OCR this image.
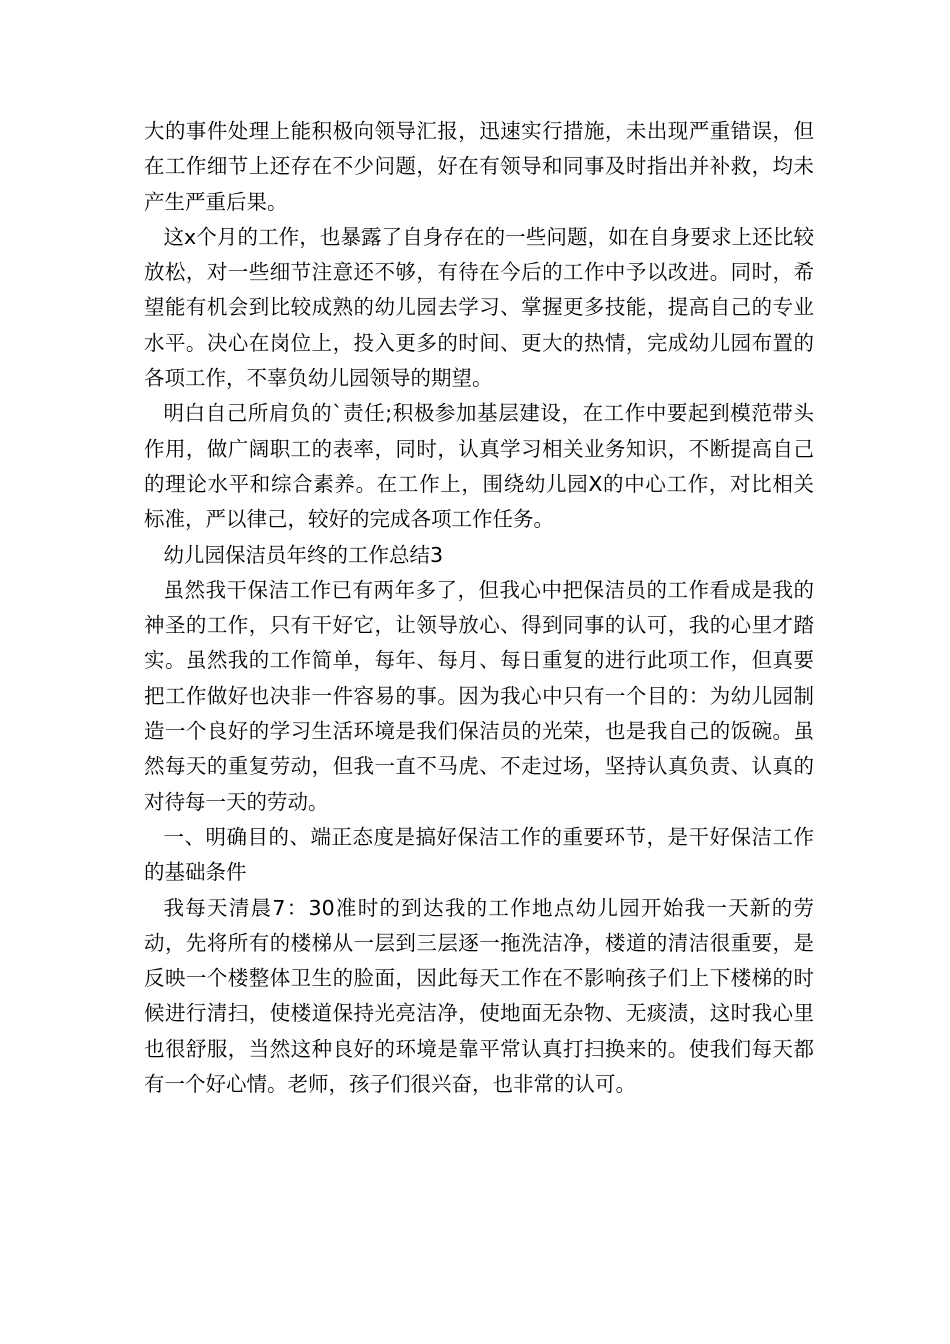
大的事件处理上能积极向领导汇报，迅速实行措施，未出现严重错误，但在工作细节上还存在不少问题，好在有领导和同事及时指出并补救，均未产生严重后果。

这x个月的工作，也暴露了自身存在的一些问题，如在自身要求上还比较放松，对一些细节注意还不够，有待在今后的工作中予以改进。同时，希望能有机会到比较成熟的幼儿园去学习、掌握更多技能，提高自己的专业水平。决心在岗位上，投入更多的时间、更大的热情，完成幼儿园布置的各项工作，不辜负幼儿园领导的期望。

明白自己所肩负的`责任;积极参加基层建设，在工作中要起到模范带头作用，做广阔职工的表率，同时，认真学习相关业务知识，不断提高自己的理论水平和综合素养。在工作上，围绕幼儿园X的中心工作，对比相关标准，严以律己，较好的完成各项工作任务。

幼儿园保洁员年终的工作总结3

虽然我干保洁工作已有两年多了，但我心中把保洁员的工作看成是我的神圣的工作，只有干好它，让领导放心、得到同事的认可，我的心里才踏实。虽然我的工作简单，每年、每月、每日重复的进行此项工作，但真要把工作做好也决非一件容易的事。因为我心中只有一个目的：为幼儿园制造一个良好的学习生活环境是我们保洁员的光荣，也是我自己的饭碗。虽然每天的重复劳动，但我一直不马虎、不走过场，坚持认真负责、认真的对待每一天的劳动。

一、明确目的、端正态度是搞好保洁工作的重要环节，是干好保洁工作的基础条件

我每天清晨7：30准时的到达我的工作地点幼儿园开始我一天新的劳动，先将所有的楼梯从一层到三层逐一拖洗洁净，楼道的清洁很重要，是反映一个楼整体卫生的脸面，因此每天工作在不影响孩子们上下楼梯的时候进行清扫，使楼道保持光亮洁净，使地面无杂物、无痰渍，这时我心里也很舒服，当然这种良好的环境是靠平常认真打扫换来的。使我们每天都有一个好心情。老师，孩子们很兴奋，也非常的认可。
